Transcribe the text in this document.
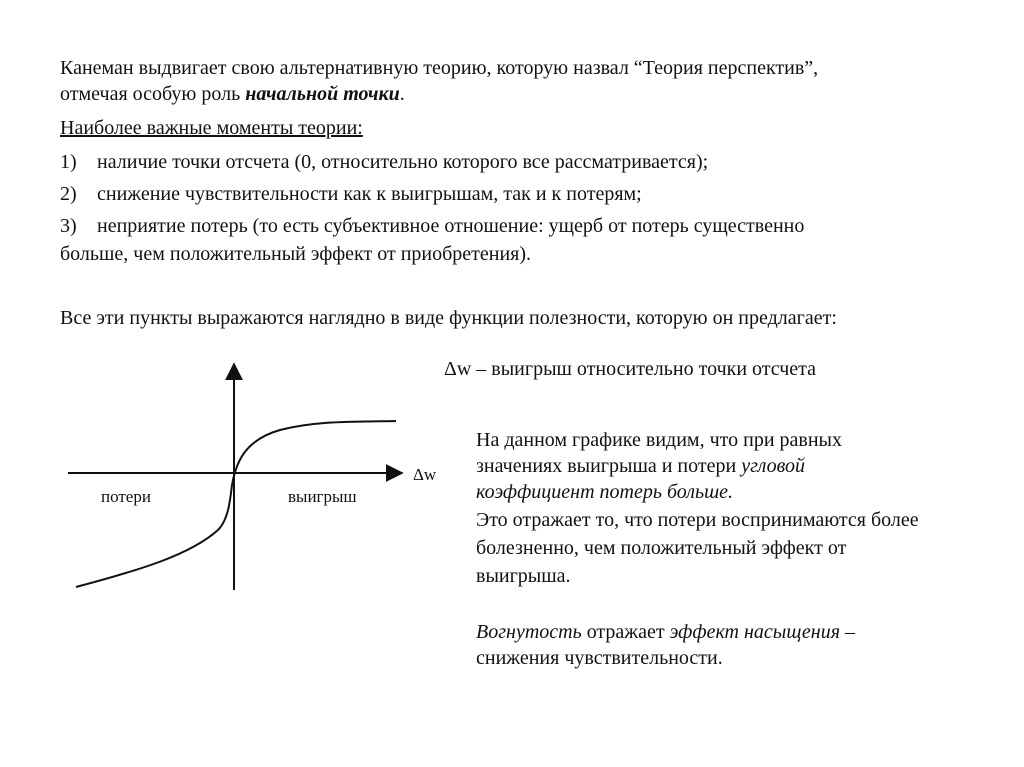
Канеман выдвигает свою альтернативную теорию, которую назвал “Теория перспектив”,
отмечая особую роль начальной точки.
Наиболее важные моменты теории:
1) наличие точки отсчета (0, относительно которого все рассматривается);
2) снижение чувствительности как к выигрышам, так и к потерям;
3) неприятие потерь (то есть субъективное отношение: ущерб от потерь существенно
больше, чем положительный эффект от приобретения).
Все эти пункты выражаются наглядно в виде функции полезности, которую он предлагает:
Δw
потери	выигрыш
Δw – выигрыш относительно точки отсчета
На данном графике видим, что при равных
значениях выигрыша и потери угловой
коэффициент потерь больше.
Это отражает то, что потери воспринимаются более
болезненно, чем положительный эффект от
выигрыша.
Вогнутость отражает эффект насыщения –
снижения чувствительности.
